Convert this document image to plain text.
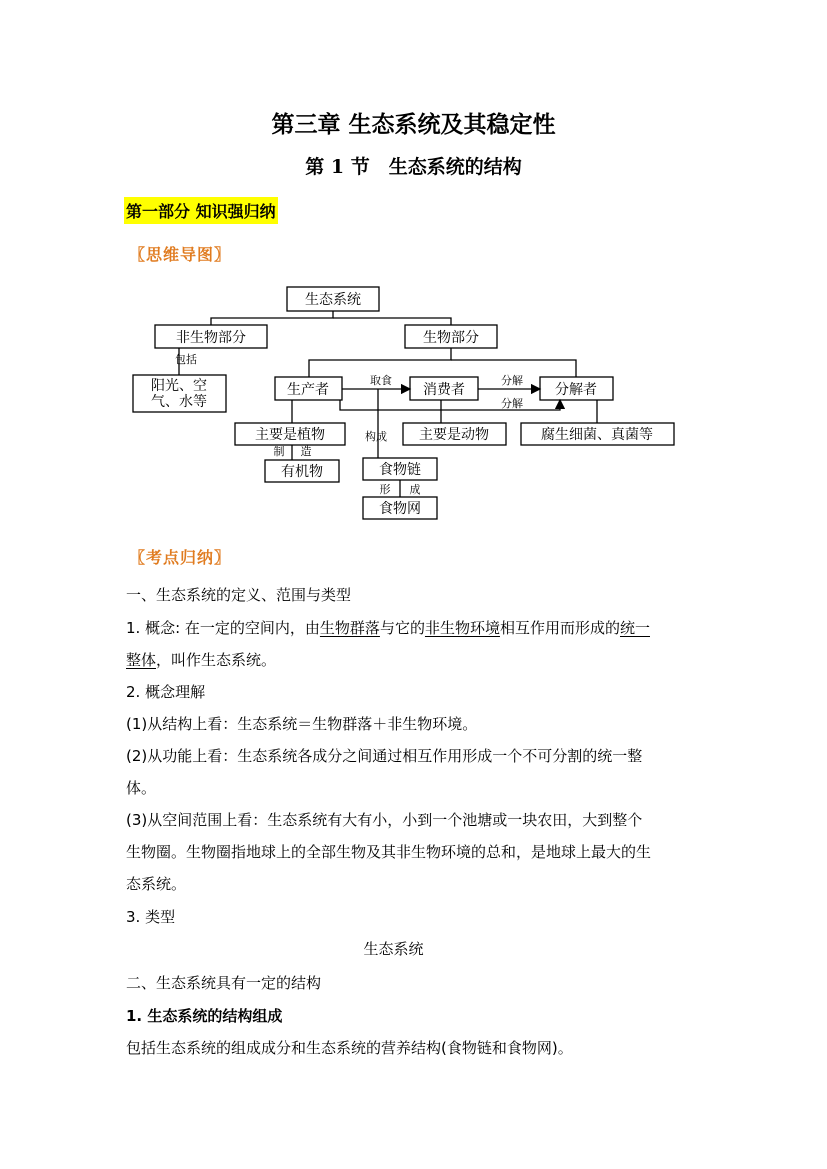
第三章 生态系统及其稳定性
第 1 节　生态系统的结构
第一部分 知识强归纳
〖思维导图〗
生态系统
非生物部分	生物部分
阳光、空
气、水等
生产者	消费者	分解者
主要是植物
有机物
主要是动物	腐生细菌、真菌等
食物链
食物网
包括
取食	分解
分解
制 造
构成
形 成
〖考点归纳〗
一、生态系统的定义、范围与类型
1. 概念: 在一定的空间内，由生物群落与它的非生物环境相互作用而形成的统一
整体，叫作生态系统。
2. 概念理解
(1)从结构上看：生态系统＝生物群落＋非生物环境。
(2)从功能上看：生态系统各成分之间通过相互作用形成一个不可分割的统一整
体。
(3)从空间范围上看：生态系统有大有小，小到一个池塘或一块农田，大到整个
生物圈。生物圈指地球上的全部生物及其非生物环境的总和，是地球上最大的生
态系统。
3. 类型
生态系统
二、生态系统具有一定的结构
1. 生态系统的结构组成
包括生态系统的组成成分和生态系统的营养结构(食物链和食物网)。
